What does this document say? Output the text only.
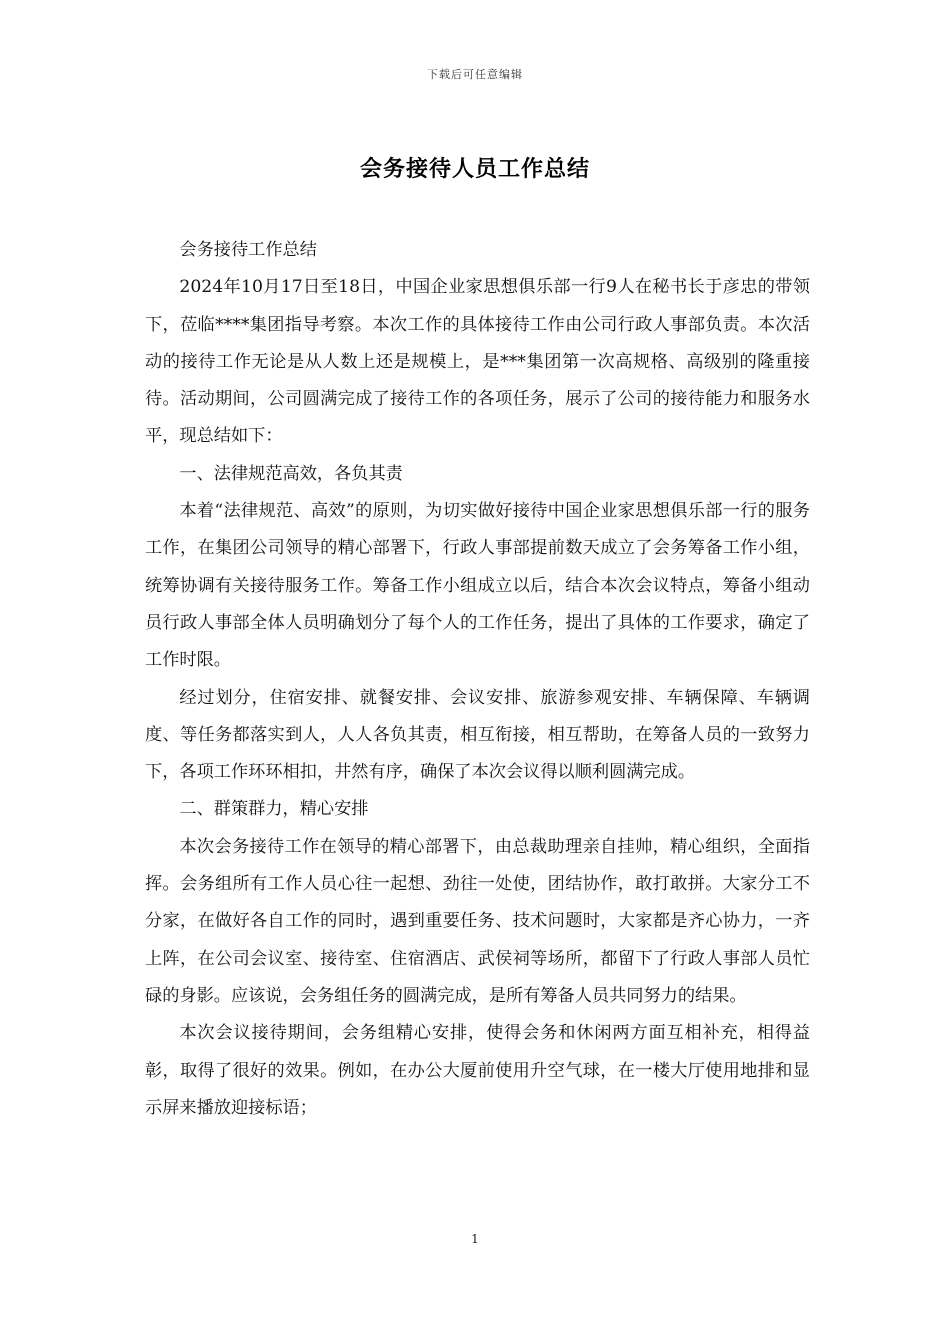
下载后可任意编辑
会务接待人员工作总结

会务接待工作总结

2024年10月17日至18日，中国企业家思想俱乐部一行9人在秘书长于彦忠的带领下，莅临****集团指导考察。本次工作的具体接待工作由公司行政人事部负责。本次活动的接待工作无论是从人数上还是规模上，是***集团第一次高规格、高级别的隆重接待。活动期间，公司圆满完成了接待工作的各项任务，展示了公司的接待能力和服务水平，现总结如下：

一、法律规范高效，各负其责

本着“法律规范、高效”的原则，为切实做好接待中国企业家思想俱乐部一行的服务工作，在集团公司领导的精心部署下，行政人事部提前数天成立了会务筹备工作小组，统筹协调有关接待服务工作。筹备工作小组成立以后，结合本次会议特点，筹备小组动员行政人事部全体人员明确划分了每个人的工作任务，提出了具体的工作要求，确定了工作时限。

经过划分，住宿安排、就餐安排、会议安排、旅游参观安排、车辆保障、车辆调度、等任务都落实到人，人人各负其责，相互衔接，相互帮助，在筹备人员的一致努力下，各项工作环环相扣，井然有序，确保了本次会议得以顺利圆满完成。

二、群策群力，精心安排

本次会务接待工作在领导的精心部署下，由总裁助理亲自挂帅，精心组织，全面指挥。会务组所有工作人员心往一起想、劲往一处使，团结协作，敢打敢拼。大家分工不分家，在做好各自工作的同时，遇到重要任务、技术问题时，大家都是齐心协力，一齐上阵，在公司会议室、接待室、住宿酒店、武侯祠等场所，都留下了行政人事部人员忙碌的身影。应该说，会务组任务的圆满完成，是所有筹备人员共同努力的结果。

本次会议接待期间，会务组精心安排，使得会务和休闲两方面互相补充，相得益彰，取得了很好的效果。例如，在办公大厦前使用升空气球，在一楼大厅使用地排和显示屏来播放迎接标语；

1
